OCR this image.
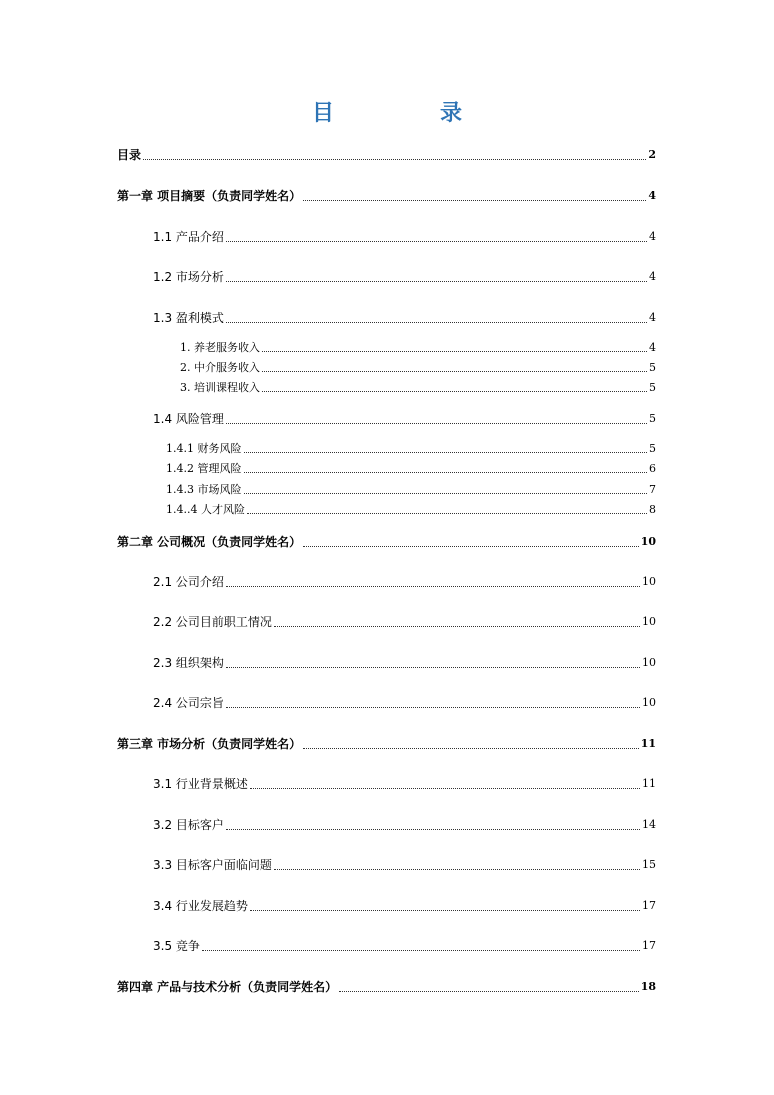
目　录
目录	2
第一章 项目摘要（负责同学姓名）	4
1.1 产品介绍	4
1.2 市场分析	4
1.3 盈利模式	4
1. 养老服务收入	4
2. 中介服务收入	5
3. 培训课程收入	5
1.4 风险管理	5
1.4.1 财务风险	5
1.4.2 管理风险	6
1.4.3 市场风险	7
1.4..4 人才风险	8
第二章 公司概况（负责同学姓名）	10
2.1 公司介绍	10
2.2 公司目前职工情况	10
2.3 组织架构	10
2.4 公司宗旨	10
第三章 市场分析（负责同学姓名）	11
3.1 行业背景概述	11
3.2 目标客户	14
3.3 目标客户面临问题	15
3.4 行业发展趋势	17
3.5 竞争	17
第四章 产品与技术分析（负责同学姓名）	18
